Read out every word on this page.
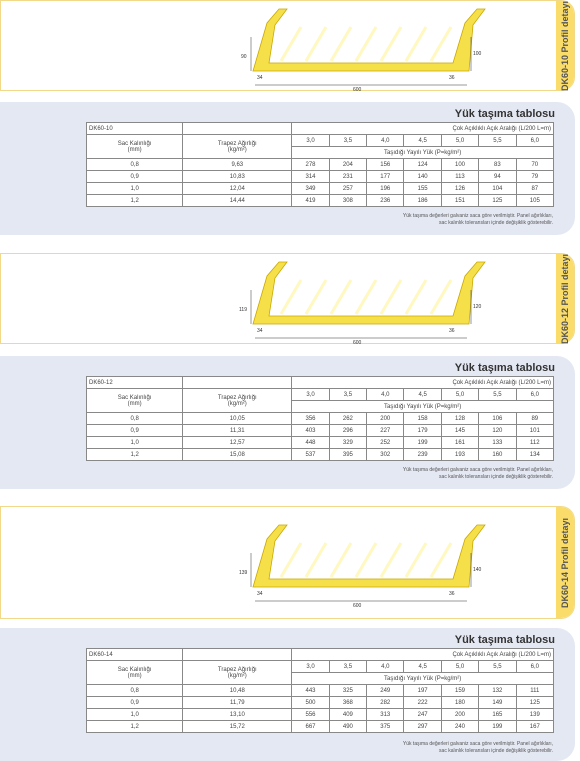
90	100
34	36
600	DK60-10 Profil detayı
Yük taşıma tablosu
DK60-10		Çok Açıklıklı Açık Aralığı (L/200 L=m)						
Sac Kalınlığı
(mm)	Trapez Ağırlığı
(kg/m²)	3,0	3,5	4,0	4,5	5,0	5,5	6,0
		Taşıdığı Yayılı Yük (P=kg/m²)						
0,8	9,63	278	204	156	124	100	83	70
0,9	10,83	314	231	177	140	113	94	79
1,0	12,04	349	257	196	155	126	104	87
1,2	14,44	419	308	236	186	151	125	105
Yük taşıma değerleri galvaniz saca göre verilmiştir. Panel ağırlıkları,
sac kalınlık toleransları içinde değişiklik gösterebilir.
119	120
34	36
600	DK60-12 Profil detayı
Yük taşıma tablosu
DK60-12		Çok Açıklıklı Açık Aralığı (L/200 L=m)						
Sac Kalınlığı
(mm)	Trapez Ağırlığı
(kg/m²)	3,0	3,5	4,0	4,5	5,0	5,5	6,0
		Taşıdığı Yayılı Yük (P=kg/m²)						
0,8	10,05	356	262	200	158	128	106	89
0,9	11,31	403	296	227	179	145	120	101
1,0	12,57	448	329	252	199	161	133	112
1,2	15,08	537	395	302	239	193	160	134
Yük taşıma değerleri galvaniz saca göre verilmiştir. Panel ağırlıkları,
sac kalınlık toleransları içinde değişiklik gösterebilir.
139	140
34	36
600	DK60-14 Profil detayı
Yük taşıma tablosu
DK60-14		Çok Açıklıklı Açık Aralığı (L/200 L=m)						
Sac Kalınlığı
(mm)	Trapez Ağırlığı
(kg/m²)	3,0	3,5	4,0	4,5	5,0	5,5	6,0
		Taşıdığı Yayılı Yük (P=kg/m²)						
0,8	10,48	443	325	249	197	159	132	111
0,9	11,79	500	368	282	222	180	149	125
1,0	13,10	556	409	313	247	200	165	139
1,2	15,72	667	490	375	297	240	199	167
Yük taşıma değerleri galvaniz saca göre verilmiştir. Panel ağırlıkları,
sac kalınlık toleransları içinde değişiklik gösterebilir.
